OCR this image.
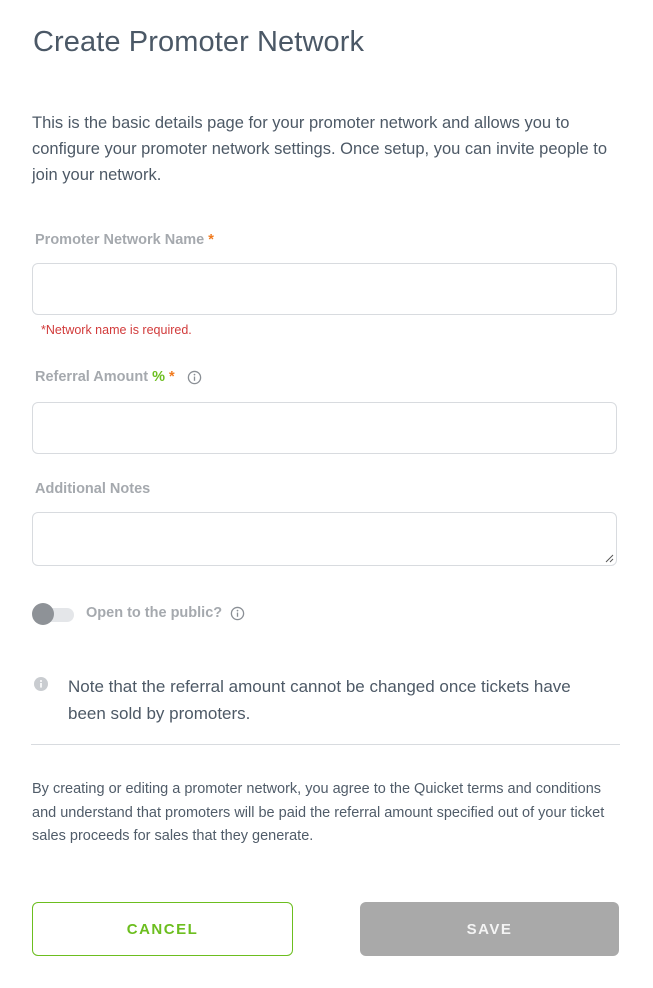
Create Promoter Network
This is the basic details page for your promoter network and allows you to configure your promoter network settings. Once setup, you can invite people to join your network.
Promoter Network Name *
*Network name is required.
Referral Amount % *
Additional Notes
Open to the public?
Note that the referral amount cannot be changed once tickets have been sold by promoters.
By creating or editing a promoter network, you agree to the Quicket terms and conditions and understand that promoters will be paid the referral amount specified out of your ticket sales proceeds for sales that they generate.
CANCEL	SAVE
